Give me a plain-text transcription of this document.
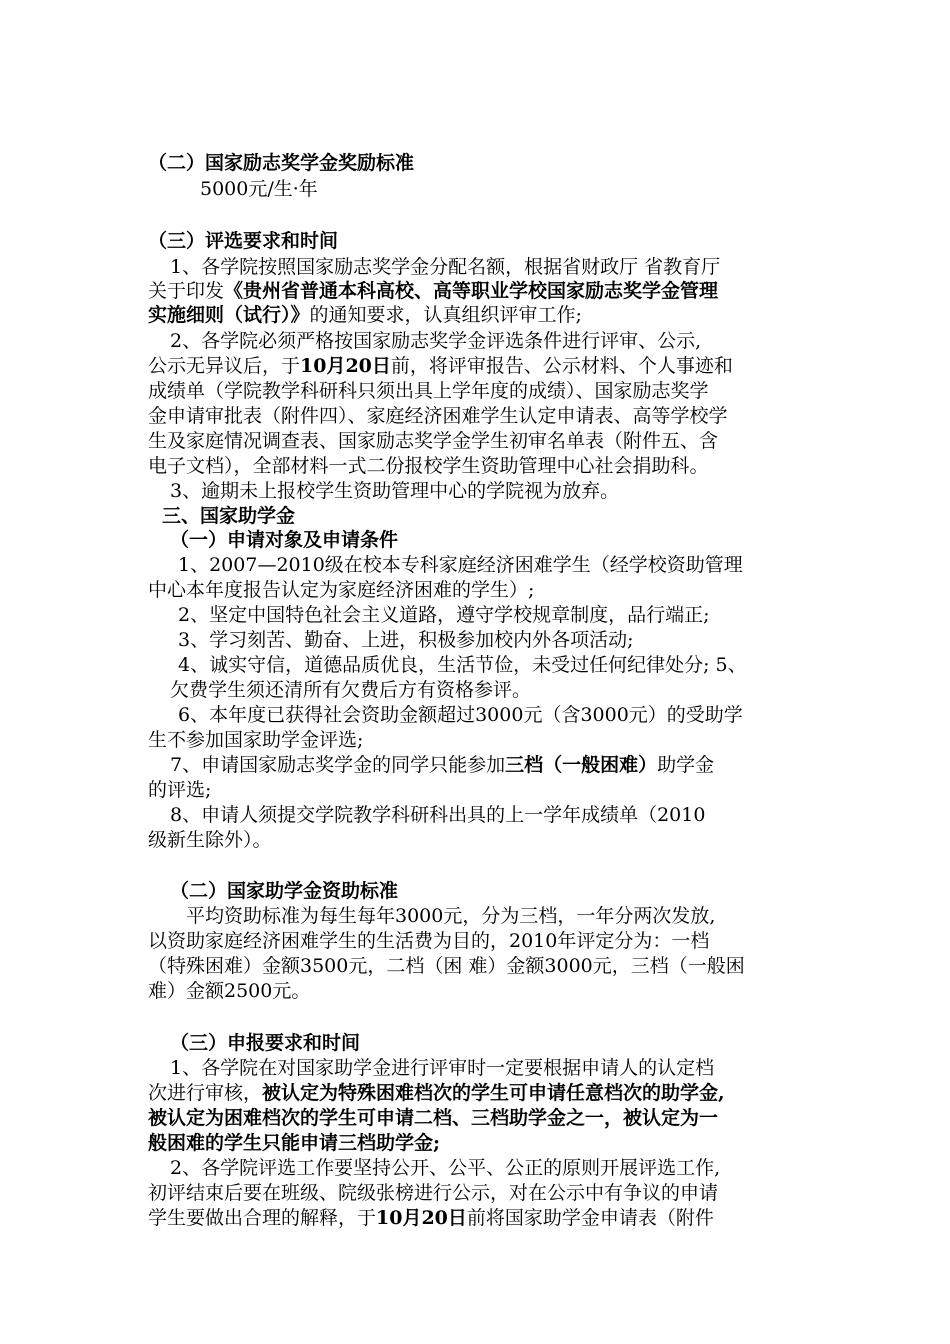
（二）国家励志奖学金奖励标准
5000元/生·年
（三）评选要求和时间
1、各学院按照国家励志奖学金分配名额，根据省财政厅 省教育厅
关于印发《贵州省普通本科高校、高等职业学校国家励志奖学金管理
实施细则（试行）》的通知要求，认真组织评审工作;
2、各学院必须严格按国家励志奖学金评选条件进行评审、公示,
公示无异议后，于10月20日前，将评审报告、公示材料、个人事迹和
成绩单（学院教学科研科只须出具上学年度的成绩）、国家励志奖学
金申请审批表（附件四）、家庭经济困难学生认定申请表、高等学校学
生及家庭情况调查表、国家励志奖学金学生初审名单表（附件五、含
电子文档），全部材料一式二份报校学生资助管理中心社会捐助科。
3、逾期未上报校学生资助管理中心的学院视为放弃。
三、国家助学金
（一）申请对象及申请条件
1、2007—2010级在校本专科家庭经济困难学生（经学校资助管理
中心本年度报告认定为家庭经济困难的学生）;
2、坚定中国特色社会主义道路，遵守学校规章制度，品行端正;
3、学习刻苦、勤奋、上进，积极参加校内外各项活动;
4、诚实守信，道德品质优良，生活节俭，未受过任何纪律处分; 5、
欠费学生须还清所有欠费后方有资格参评。
6、本年度已获得社会资助金额超过3000元（含3000元）的受助学
生不参加国家助学金评选;
7、申请国家励志奖学金的同学只能参加三档（一般困难）助学金
的评选;
8、申请人须提交学院教学科研科出具的上一学年成绩单（2010
级新生除外）。
（二）国家助学金资助标准
平均资助标准为每生每年3000元，分为三档，一年分两次发放,
以资助家庭经济困难学生的生活费为目的，2010年评定分为：一档
（特殊困难）金额3500元，二档（困 难）金额3000元，三档（一般困
难）金额2500元。
（三）申报要求和时间
1、各学院在对国家助学金进行评审时一定要根据申请人的认定档
次进行审核，被认定为特殊困难档次的学生可申请任意档次的助学金,
被认定为困难档次的学生可申请二档、三档助学金之一，被认定为一
般困难的学生只能申请三档助学金;
2、各学院评选工作要坚持公开、公平、公正的原则开展评选工作,
初评结束后要在班级、院级张榜进行公示，对在公示中有争议的申请
学生要做出合理的解释，于10月20日前将国家助学金申请表（附件
